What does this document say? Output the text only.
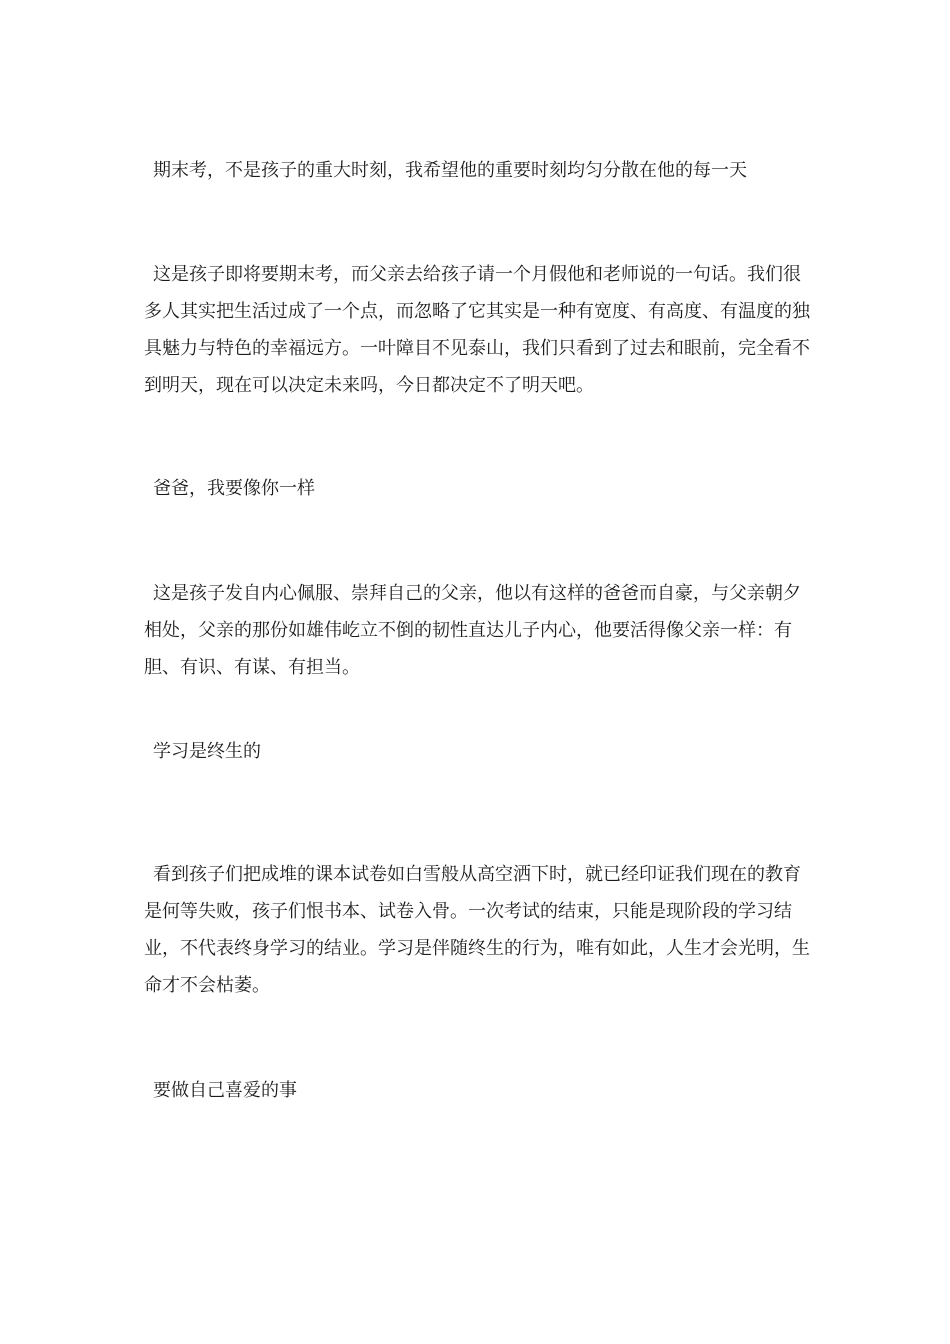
期末考，不是孩子的重大时刻，我希望他的重要时刻均匀分散在他的每一天

这是孩子即将要期末考，而父亲去给孩子请一个月假他和老师说的一句话。我们很多人其实把生活过成了一个点，而忽略了它其实是一种有宽度、有高度、有温度的独具魅力与特色的幸福远方。一叶障目不见泰山，我们只看到了过去和眼前，完全看不到明天，现在可以决定未来吗，今日都决定不了明天吧。

爸爸，我要像你一样

这是孩子发自内心佩服、崇拜自己的父亲，他以有这样的爸爸而自豪，与父亲朝夕相处，父亲的那份如雄伟屹立不倒的韧性直达儿子内心，他要活得像父亲一样：有胆、有识、有谋、有担当。

学习是终生的

看到孩子们把成堆的课本试卷如白雪般从高空洒下时，就已经印证我们现在的教育是何等失败，孩子们恨书本、试卷入骨。一次考试的结束，只能是现阶段的学习结业，不代表终身学习的结业。学习是伴随终生的行为，唯有如此，人生才会光明，生命才不会枯萎。

要做自己喜爱的事
